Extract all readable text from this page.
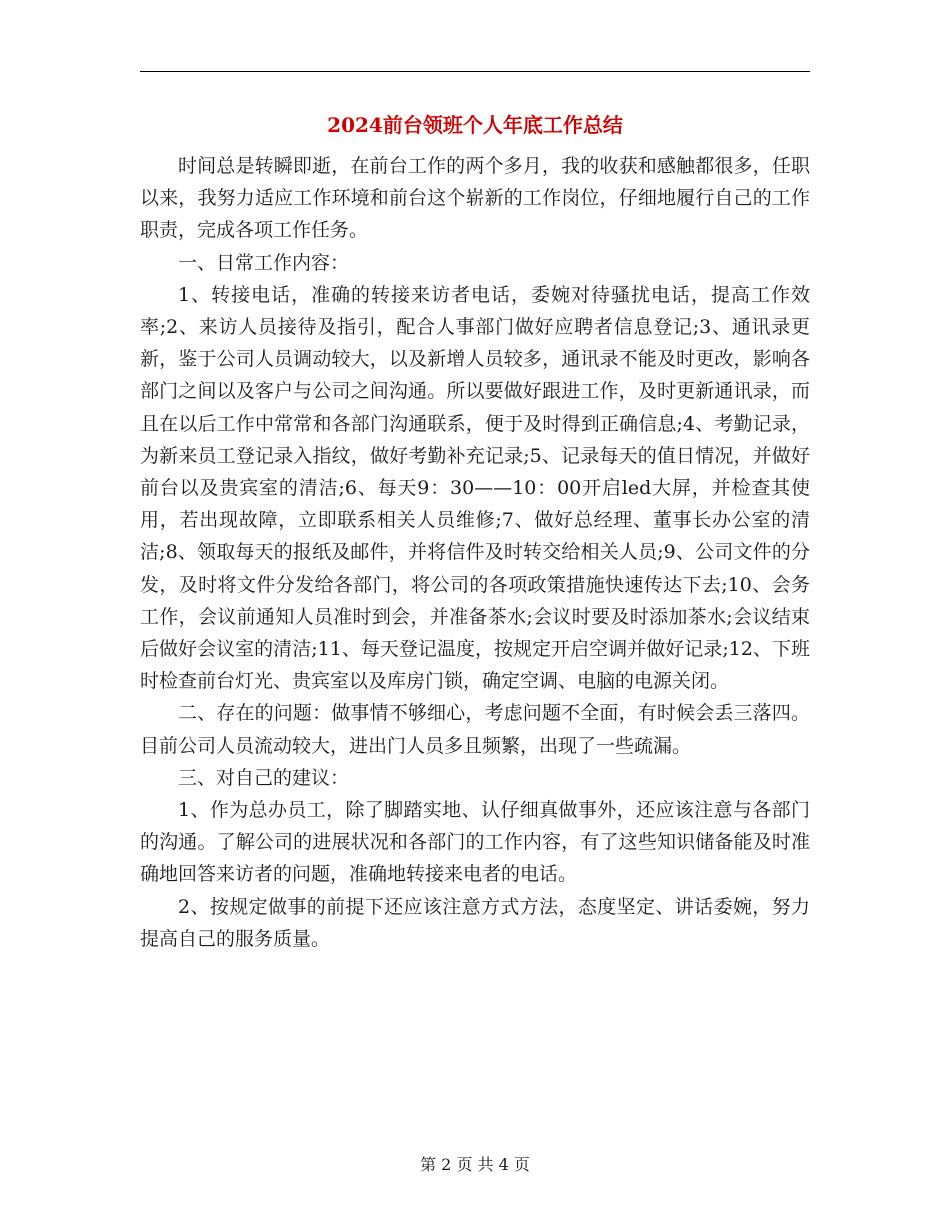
2024前台领班个人年底工作总结

时间总是转瞬即逝，在前台工作的两个多月，我的收获和感触都很多，任职以来，我努力适应工作环境和前台这个崭新的工作岗位，仔细地履行自己的工作职责，完成各项工作任务。

一、日常工作内容：

1、转接电话，准确的转接来访者电话，委婉对待骚扰电话，提高工作效率;2、来访人员接待及指引，配合人事部门做好应聘者信息登记;3、通讯录更新，鉴于公司人员调动较大，以及新增人员较多，通讯录不能及时更改，影响各部门之间以及客户与公司之间沟通。所以要做好跟进工作，及时更新通讯录，而且在以后工作中常常和各部门沟通联系，便于及时得到正确信息;4、考勤记录，为新来员工登记录入指纹，做好考勤补充记录;5、记录每天的值日情况，并做好前台以及贵宾室的清洁;6、每天9：30——10：00开启led大屏，并检查其使用，若出现故障，立即联系相关人员维修;7、做好总经理、董事长办公室的清洁;8、领取每天的报纸及邮件，并将信件及时转交给相关人员;9、公司文件的分发，及时将文件分发给各部门，将公司的各项政策措施快速传达下去;10、会务工作，会议前通知人员准时到会，并准备茶水;会议时要及时添加茶水;会议结束后做好会议室的清洁;11、每天登记温度，按规定开启空调并做好记录;12、下班时检查前台灯光、贵宾室以及库房门锁，确定空调、电脑的电源关闭。

二、存在的问题：做事情不够细心，考虑问题不全面，有时候会丢三落四。目前公司人员流动较大，进出门人员多且频繁，出现了一些疏漏。

三、对自己的建议：

1、作为总办员工，除了脚踏实地、认仔细真做事外，还应该注意与各部门的沟通。了解公司的进展状况和各部门的工作内容，有了这些知识储备能及时准确地回答来访者的问题，准确地转接来电者的电话。

2、按规定做事的前提下还应该注意方式方法，态度坚定、讲话委婉，努力提高自己的服务质量。

第 2 页 共 4 页
